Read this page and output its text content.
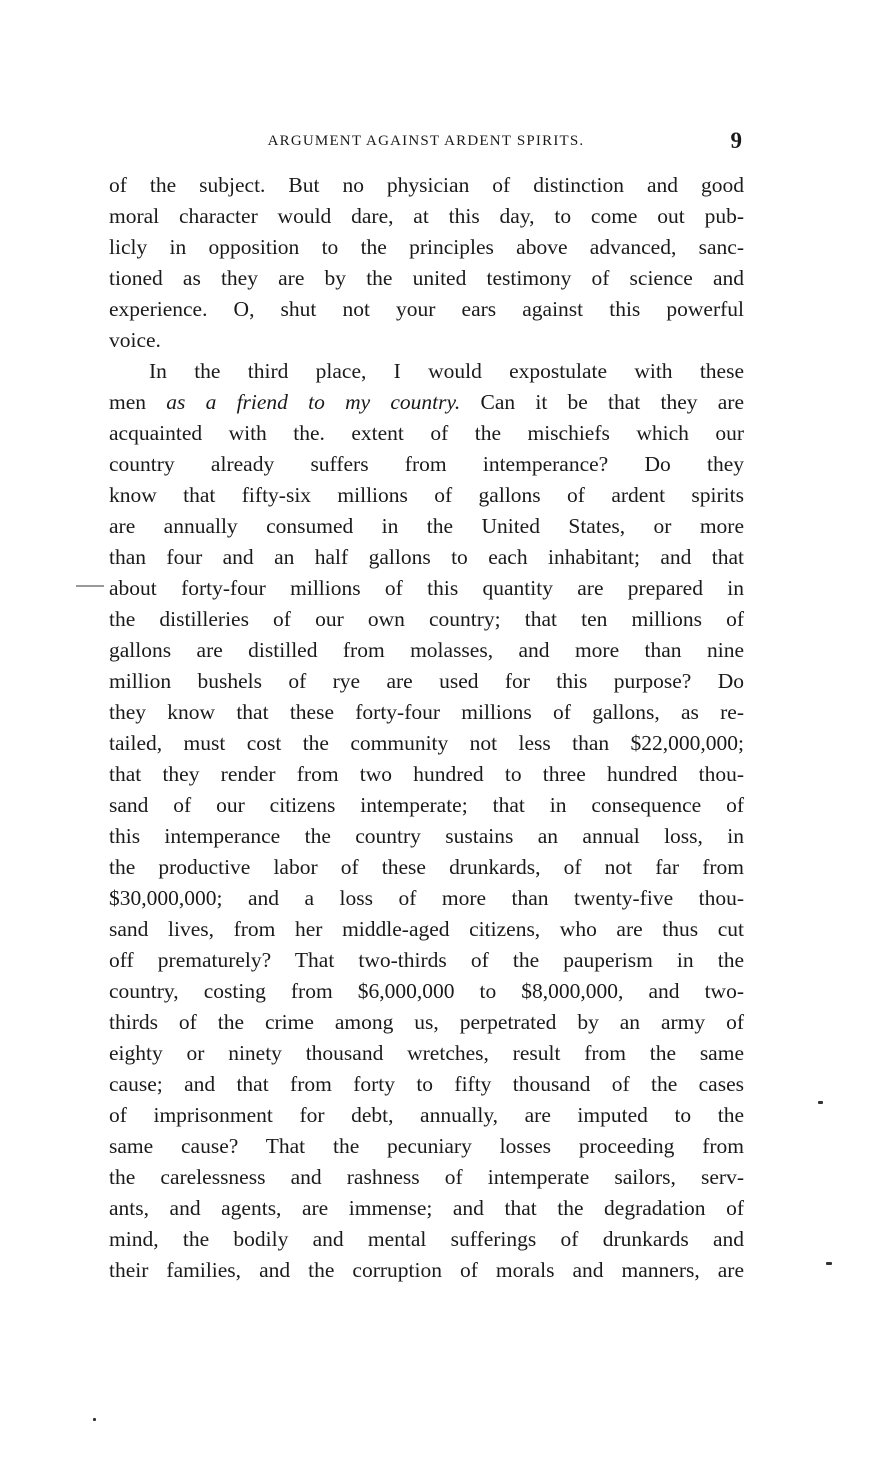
ARGUMENT AGAINST ARDENT SPIRITS.	9
of the subject. But no physician of distinction and good
moral character would dare, at this day, to come out pub-
licly in opposition to the principles above advanced, sanc-
tioned as they are by the united testimony of science and
experience. O, shut not your ears against this powerful
voice.
In the third place, I would expostulate with these
men as a friend to my country. Can it be that they are
acquainted with the. extent of the mischiefs which our
country already suffers from intemperance? Do they
know that fifty-six millions of gallons of ardent spirits
are annually consumed in the United States, or more
than four and an half gallons to each inhabitant; and that
about forty-four millions of this quantity are prepared in
the distilleries of our own country; that ten millions of
gallons are distilled from molasses, and more than nine
million bushels of rye are used for this purpose? Do
they know that these forty-four millions of gallons, as re-
tailed, must cost the community not less than $22,000,000;
that they render from two hundred to three hundred thou-
sand of our citizens intemperate; that in consequence of
this intemperance the country sustains an annual loss, in
the productive labor of these drunkards, of not far from
$30,000,000; and a loss of more than twenty-five thou-
sand lives, from her middle-aged citizens, who are thus cut
off prematurely? That two-thirds of the pauperism in the
country, costing from $6,000,000 to $8,000,000, and two-
thirds of the crime among us, perpetrated by an army of
eighty or ninety thousand wretches, result from the same
cause; and that from forty to fifty thousand of the cases
of imprisonment for debt, annually, are imputed to the
same cause? That the pecuniary losses proceeding from
the carelessness and rashness of intemperate sailors, serv-
ants, and agents, are immense; and that the degradation of
mind, the bodily and mental sufferings of drunkards and
their families, and the corruption of morals and manners, are
